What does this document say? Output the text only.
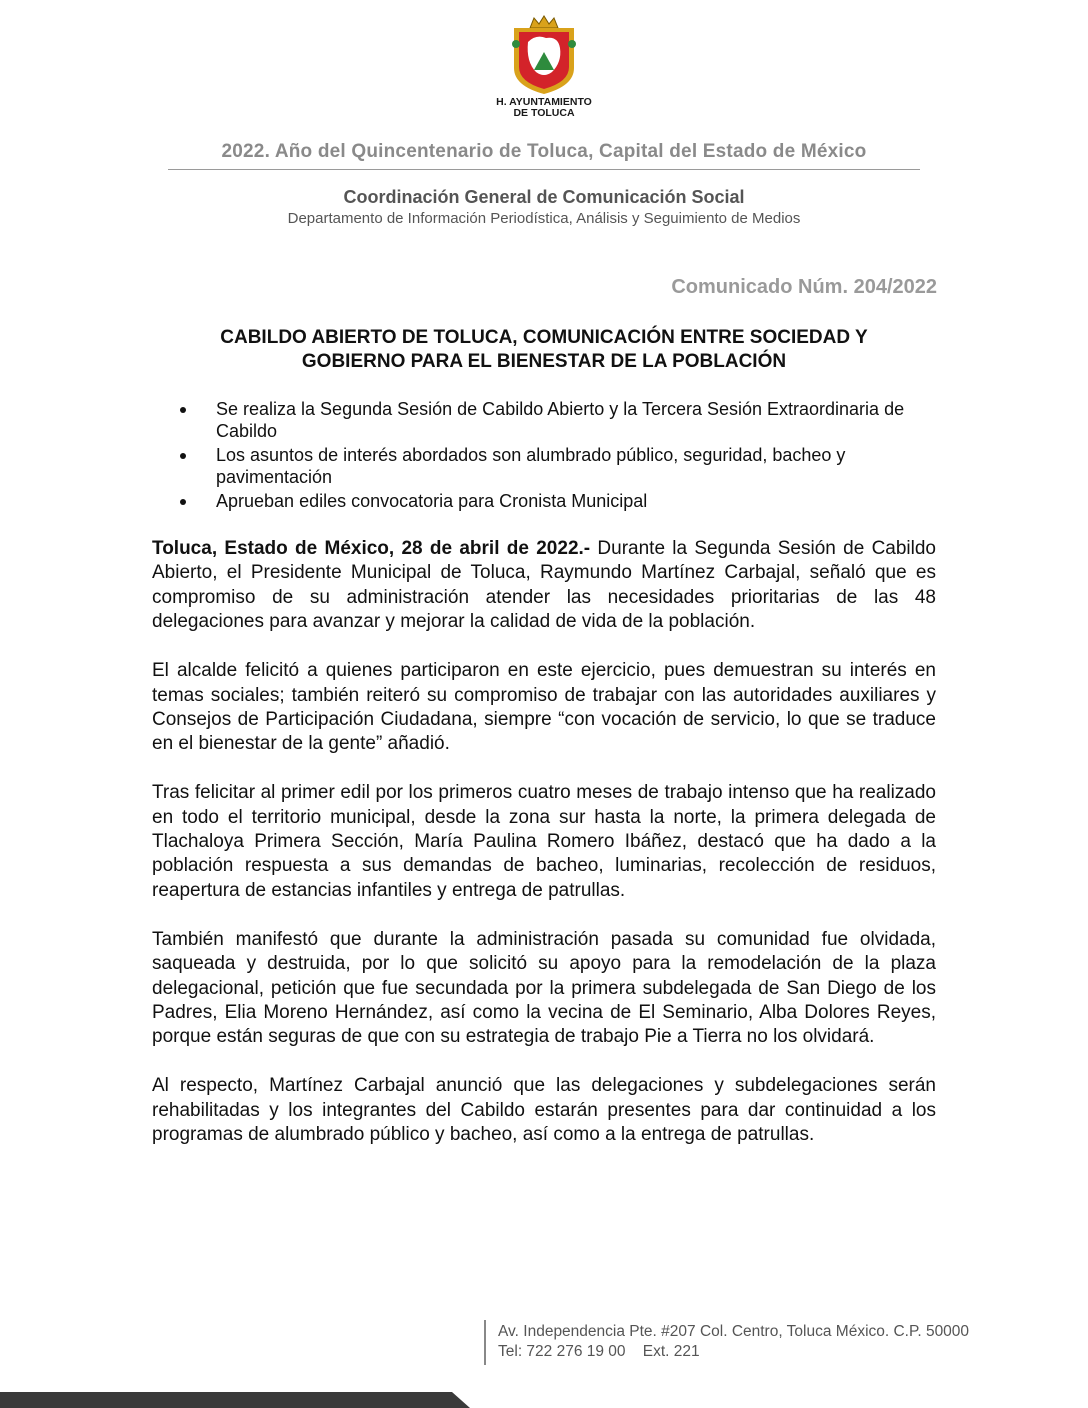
H. AYUNTAMIENTO
DE TOLUCA
2022. Año del Quincentenario de Toluca, Capital del Estado de México
Coordinación General de Comunicación Social
Departamento de Información Periodística, Análisis y Seguimiento de Medios
Comunicado Núm. 204/2022
CABILDO ABIERTO DE TOLUCA, COMUNICACIÓN ENTRE SOCIEDAD Y
GOBIERNO PARA EL BIENESTAR DE LA POBLACIÓN
Se realiza la Segunda Sesión de Cabildo Abierto y la Tercera Sesión Extraordinaria de Cabildo
Los asuntos de interés abordados son alumbrado público, seguridad, bacheo y pavimentación
Aprueban ediles convocatoria para Cronista Municipal

Toluca, Estado de México, 28 de abril de 2022.- Durante la Segunda Sesión de Cabildo Abierto, el Presidente Municipal de Toluca, Raymundo Martínez Carbajal, señaló que es compromiso de su administración atender las necesidades prioritarias de las 48 delegaciones para avanzar y mejorar la calidad de vida de la población.

El alcalde felicitó a quienes participaron en este ejercicio, pues demuestran su interés en temas sociales; también reiteró su compromiso de trabajar con las autoridades auxiliares y Consejos de Participación Ciudadana, siempre “con vocación de servicio, lo que se traduce en el bienestar de la gente” añadió.

Tras felicitar al primer edil por los primeros cuatro meses de trabajo intenso que ha realizado en todo el territorio municipal, desde la zona sur hasta la norte, la primera delegada de Tlachaloya Primera Sección, María Paulina Romero Ibáñez, destacó que ha dado a la población respuesta a sus demandas de bacheo, luminarias, recolección de residuos, reapertura de estancias infantiles y entrega de patrullas.

También manifestó que durante la administración pasada su comunidad fue olvidada, saqueada y destruida, por lo que solicitó su apoyo para la remodelación de la plaza delegacional, petición que fue secundada por la primera subdelegada de San Diego de los Padres, Elia Moreno Hernández, así como la vecina de El Seminario, Alba Dolores Reyes, porque están seguras de que con su estrategia de trabajo Pie a Tierra no los olvidará.

Al respecto, Martínez Carbajal anunció que las delegaciones y subdelegaciones serán rehabilitadas y los integrantes del Cabildo estarán presentes para dar continuidad a los programas de alumbrado público y bacheo, así como a la entrega de patrullas.

Av. Independencia Pte. #207 Col. Centro, Toluca México. C.P. 50000
Tel: 722 276 19 00    Ext. 221
